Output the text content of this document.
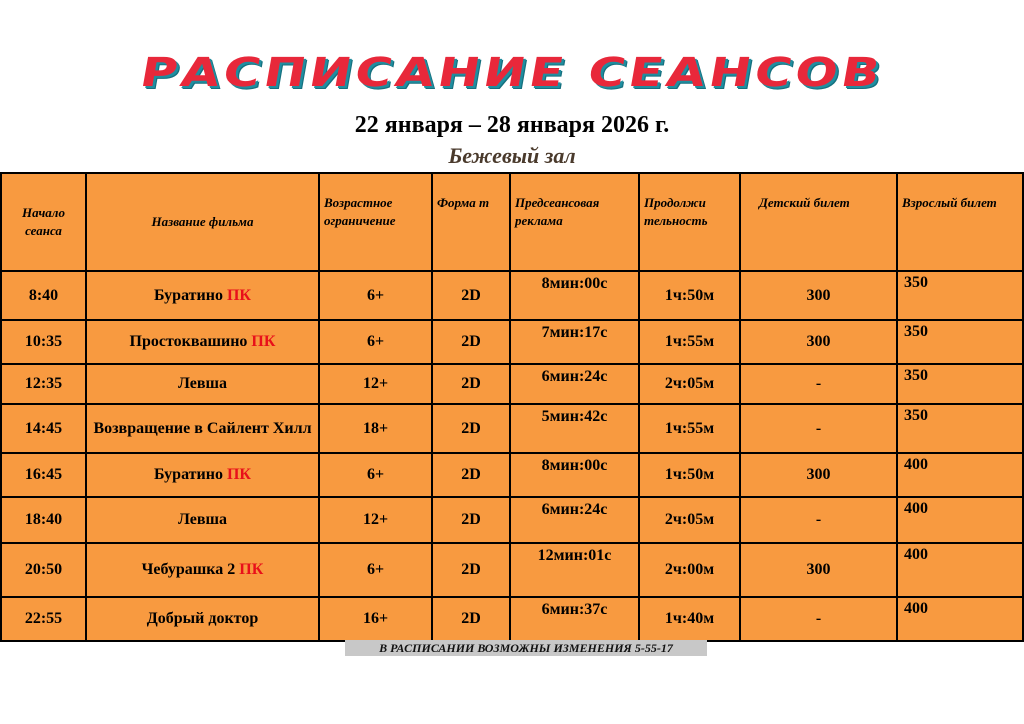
РАСПИСАНИЕ СЕАНСОВ
22 января – 28 января 2026 г.
Бежевый зал
Начало сеанса	Название фильма	Возрастное ограничение	Форма т	Предсеансовая реклама	Продолжи тельность	Детский билет	Взрослый билет
8:40	Буратино ПК	6+	2D	8мин:00с	1ч:50м	300	350
10:35	Простоквашино ПК	6+	2D	7мин:17с	1ч:55м	300	350
12:35	Левша	12+	2D	6мин:24с	2ч:05м	-	350
14:45	Возвращение в Сайлент Хилл	18+	2D	5мин:42с	1ч:55м	-	350
16:45	Буратино ПК	6+	2D	8мин:00с	1ч:50м	300	400
18:40	Левша	12+	2D	6мин:24с	2ч:05м	-	400
20:50	Чебурашка 2 ПК	6+	2D	12мин:01с	2ч:00м	300	400
22:55	Добрый доктор	16+	2D	6мин:37с	1ч:40м	-	400
В РАСПИСАНИИ ВОЗМОЖНЫ ИЗМЕНЕНИЯ 5-55-17
